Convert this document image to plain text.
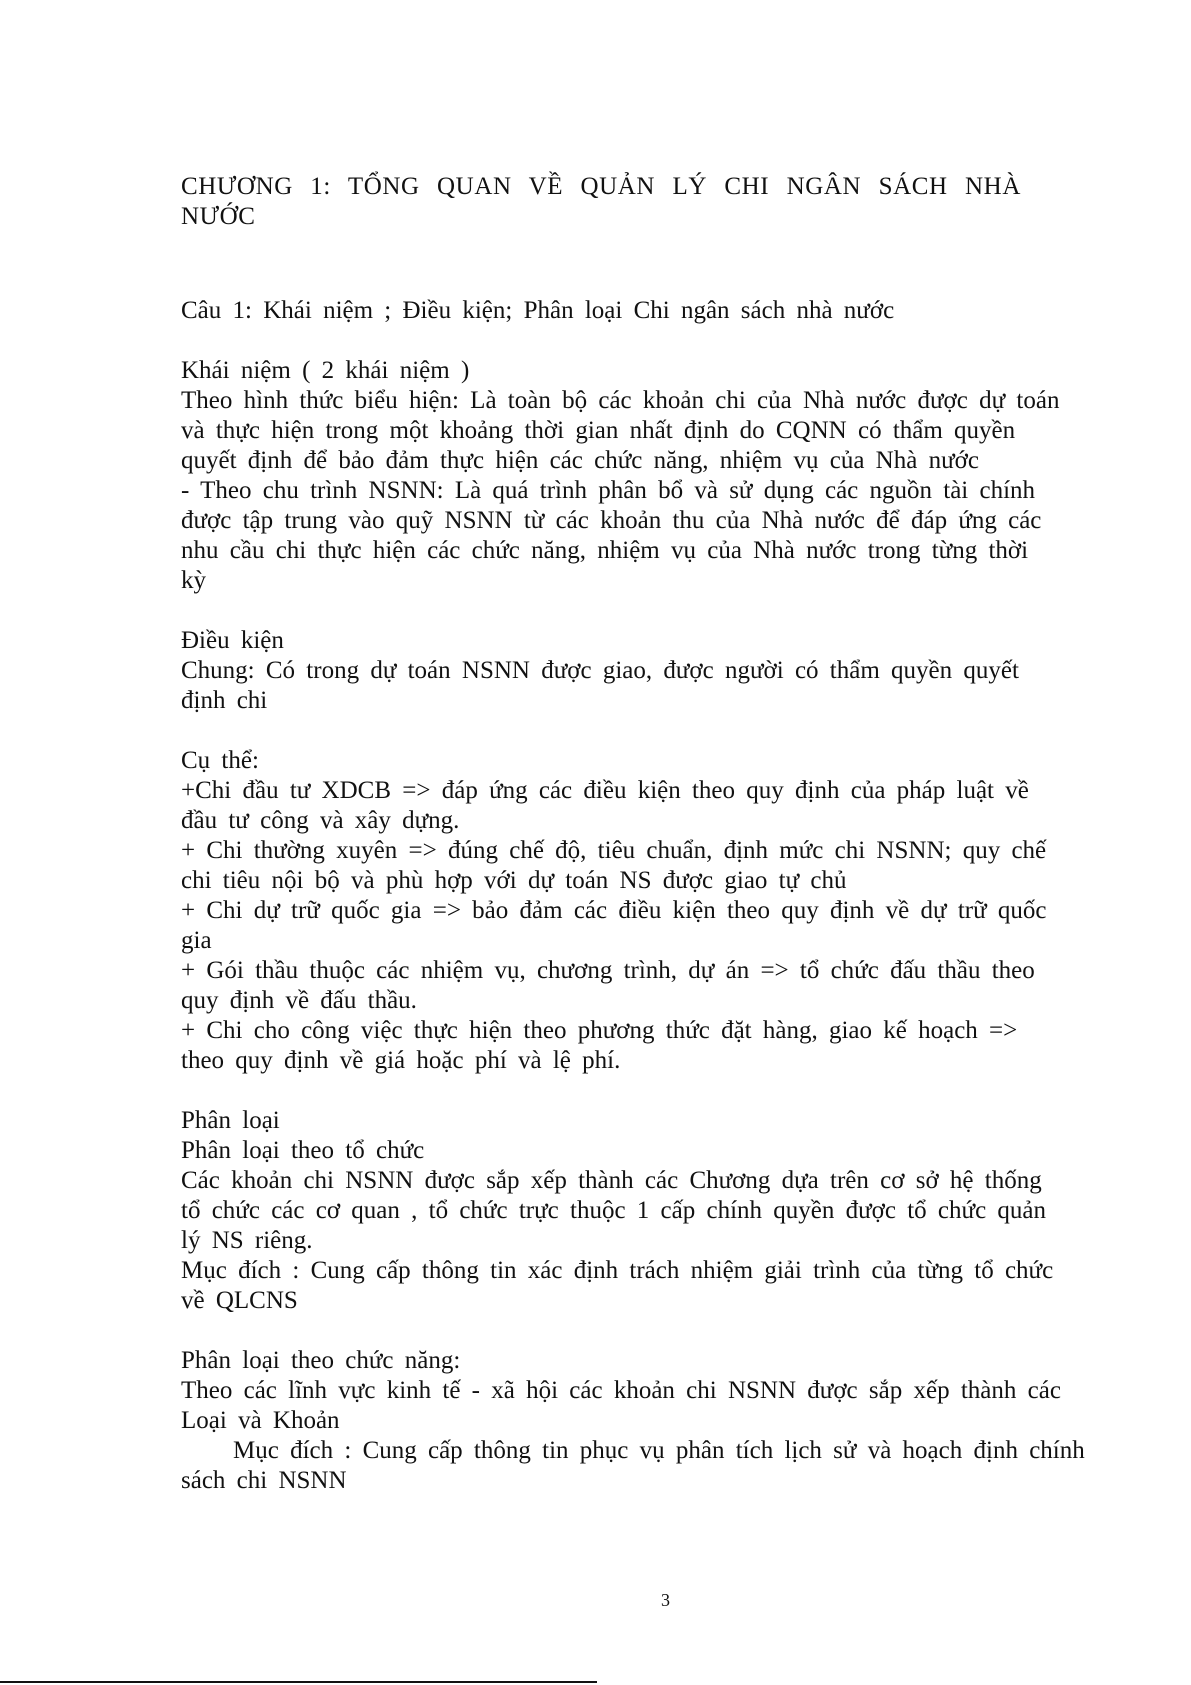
CHƯƠNG 1: TỔNG QUAN VỀ QUẢN LÝ CHI NGÂN SÁCH NHÀ NƯỚC
Câu 1: Khái niệm ; Điều kiện; Phân loại Chi ngân sách nhà nước
Khái niệm ( 2 khái niệm )
Theo hình thức biểu hiện: Là toàn bộ các khoản chi của Nhà nước được dự toán
và thực hiện trong một khoảng thời gian nhất định do CQNN có thẩm quyền
quyết định để bảo đảm thực hiện các chức năng, nhiệm vụ của Nhà nước
- Theo chu trình NSNN: Là quá trình phân bổ và sử dụng các nguồn tài chính
được tập trung vào quỹ NSNN từ các khoản thu của Nhà nước để đáp ứng các
nhu cầu chi thực hiện các chức năng, nhiệm vụ của Nhà nước trong từng thời
kỳ
Điều kiện
Chung: Có trong dự toán NSNN được giao, được người có thẩm quyền quyết
định chi
Cụ thể:
+Chi đầu tư XDCB => đáp ứng các điều kiện theo quy định của pháp luật về
đầu tư công và xây dựng.
+ Chi thường xuyên => đúng chế độ, tiêu chuẩn, định mức chi NSNN; quy chế
chi tiêu nội bộ và phù hợp với dự toán NS được giao tự chủ
+ Chi dự trữ quốc gia => bảo đảm các điều kiện theo quy định về dự trữ quốc
gia
+ Gói thầu thuộc các nhiệm vụ, chương trình, dự án => tổ chức đấu thầu theo
quy định về đấu thầu.
+ Chi cho công việc thực hiện theo phương thức đặt hàng, giao kế hoạch =>
theo quy định về giá hoặc phí và lệ phí.
Phân loại
Phân loại theo tổ chức
Các khoản chi NSNN được sắp xếp thành các Chương dựa trên cơ sở hệ thống
tổ chức các cơ quan , tổ chức trực thuộc 1 cấp chính quyền được tổ chức quản
lý NS riêng.
Mục đích : Cung cấp thông tin xác định trách nhiệm giải trình của từng tổ chức
về QLCNS
Phân loại theo chức năng:
Theo các lĩnh vực kinh tế - xã hội các khoản chi NSNN được sắp xếp thành các
Loại và Khoản
Mục đích : Cung cấp thông tin phục vụ phân tích lịch sử và hoạch định chính
sách chi NSNN
3
